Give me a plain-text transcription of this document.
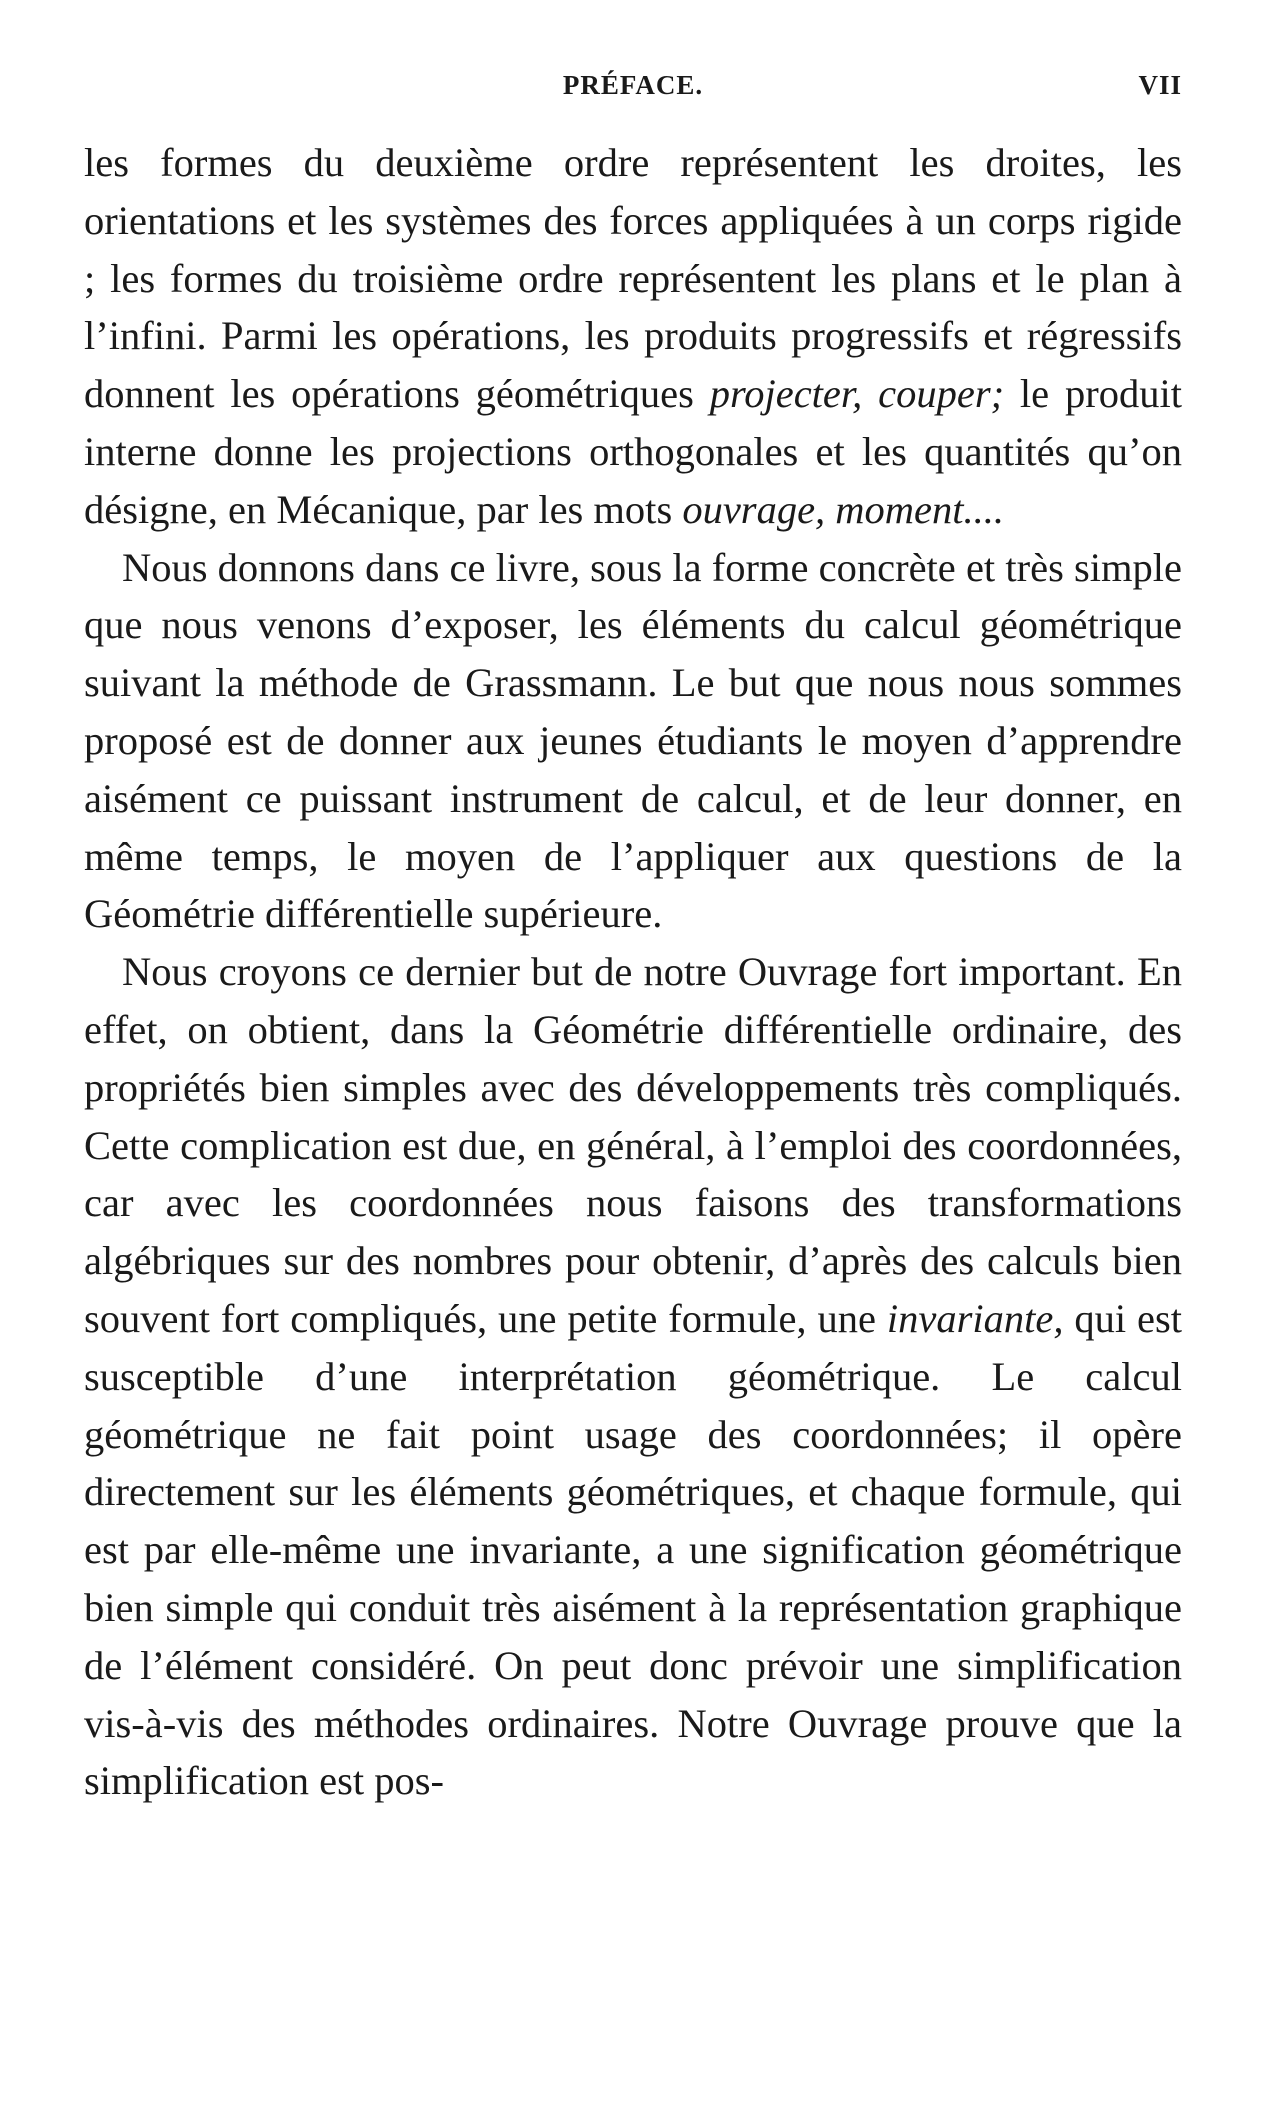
PRÉFACE.	VII

les formes du deuxième ordre représentent les droites, les orientations et les systèmes des forces appliquées à un corps rigide ; les formes du troisième ordre représentent les plans et le plan à l’infini. Parmi les opérations, les produits progressifs et régressifs donnent les opérations géométriques projecter, couper; le produit interne donne les projections orthogonales et les quantités qu’on désigne, en Mécanique, par les mots ouvrage, moment....

Nous donnons dans ce livre, sous la forme concrète et très simple que nous venons d’exposer, les éléments du calcul géométrique suivant la méthode de Grassmann. Le but que nous nous sommes proposé est de donner aux jeunes étudiants le moyen d’apprendre aisément ce puissant instrument de calcul, et de leur donner, en même temps, le moyen de l’appliquer aux questions de la Géométrie différentielle supérieure.

Nous croyons ce dernier but de notre Ouvrage fort important. En effet, on obtient, dans la Géométrie différentielle ordinaire, des propriétés bien simples avec des développements très compliqués. Cette complication est due, en général, à l’emploi des coordonnées, car avec les coordonnées nous faisons des transformations algébriques sur des nombres pour obtenir, d’après des calculs bien souvent fort compliqués, une petite formule, une invariante, qui est susceptible d’une interprétation géométrique. Le calcul géométrique ne fait point usage des coordonnées; il opère directement sur les éléments géométriques, et chaque formule, qui est par elle-même une invariante, a une signification géométrique bien simple qui conduit très aisément à la représentation graphique de l’élément considéré. On peut donc prévoir une simplification vis-à-vis des méthodes ordinaires. Notre Ouvrage prouve que la simplification est pos-
